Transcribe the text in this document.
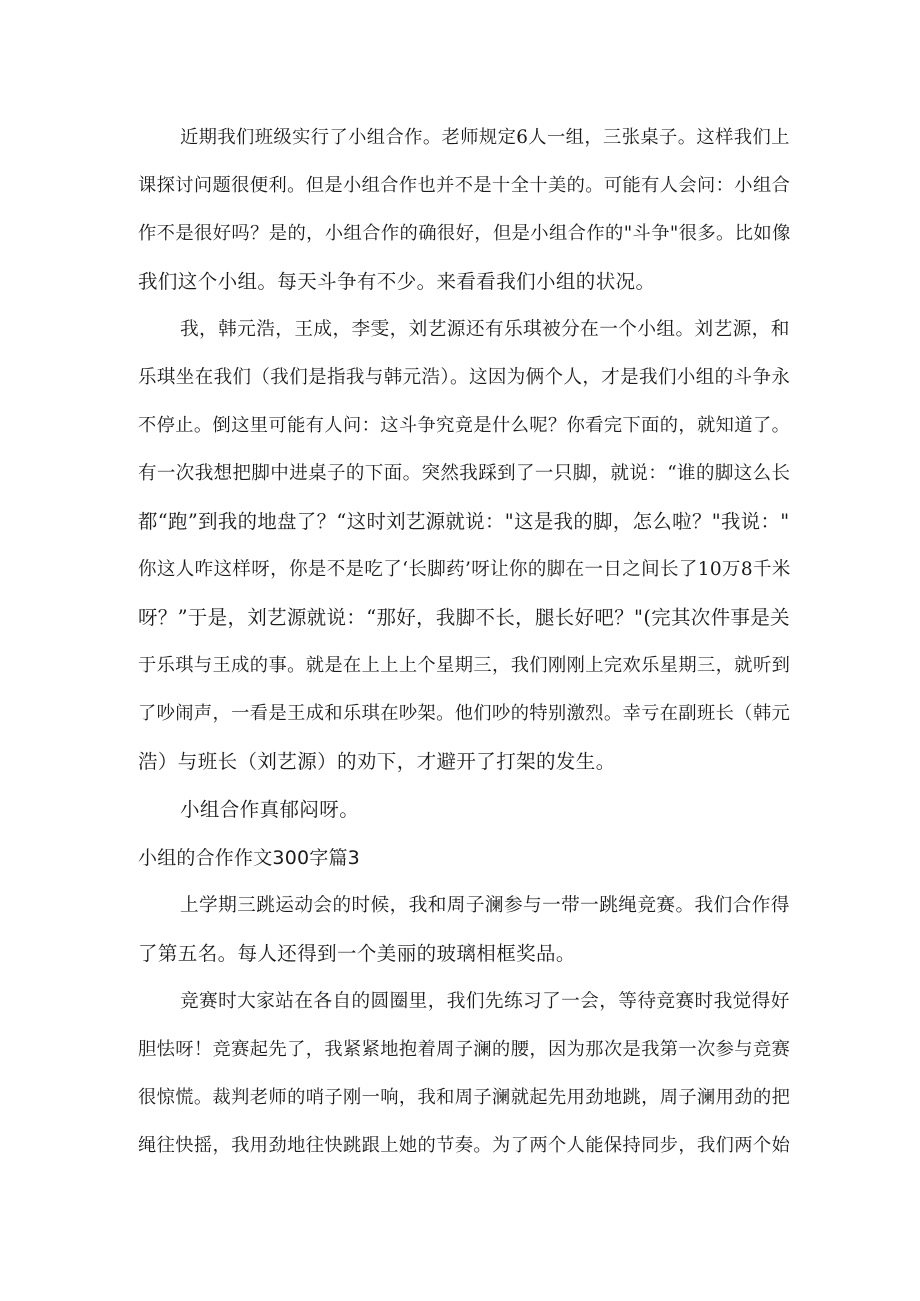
近期我们班级实行了小组合作。老师规定6人一组，三张桌子。这样我们上
课探讨问题很便利。但是小组合作也并不是十全十美的。可能有人会问：小组合
作不是很好吗？是的，小组合作的确很好，但是小组合作的"斗争"很多。比如像
我们这个小组。每天斗争有不少。来看看我们小组的状况。
我，韩元浩，王成，李雯，刘艺源还有乐琪被分在一个小组。刘艺源，和
乐琪坐在我们（我们是指我与韩元浩）。这因为俩个人，才是我们小组的斗争永
不停止。倒这里可能有人问：这斗争究竟是什么呢？你看完下面的，就知道了。
有一次我想把脚中进桌子的下面。突然我踩到了一只脚，就说：“谁的脚这么长
都“跑”到我的地盘了？“这时刘艺源就说："这是我的脚，怎么啦？"我说："
你这人咋这样呀，你是不是吃了‘长脚药’呀让你的脚在一日之间长了10万8千米
呀？”于是，刘艺源就说：“那好，我脚不长，腿长好吧？"(完其次件事是关
于乐琪与王成的事。就是在上上上个星期三，我们刚刚上完欢乐星期三，就听到
了吵闹声，一看是王成和乐琪在吵架。他们吵的特别激烈。幸亏在副班长（韩元
浩）与班长（刘艺源）的劝下，才避开了打架的发生。
小组合作真郁闷呀。
小组的合作作文300字篇3
上学期三跳运动会的时候，我和周子澜参与一带一跳绳竞赛。我们合作得
了第五名。每人还得到一个美丽的玻璃相框奖品。
竞赛时大家站在各自的圆圈里，我们先练习了一会，等待竞赛时我觉得好
胆怯呀！竞赛起先了，我紧紧地抱着周子澜的腰，因为那次是我第一次参与竞赛
很惊慌。裁判老师的哨子刚一响，我和周子澜就起先用劲地跳，周子澜用劲的把
绳往快摇，我用劲地往快跳跟上她的节奏。为了两个人能保持同步，我们两个始
